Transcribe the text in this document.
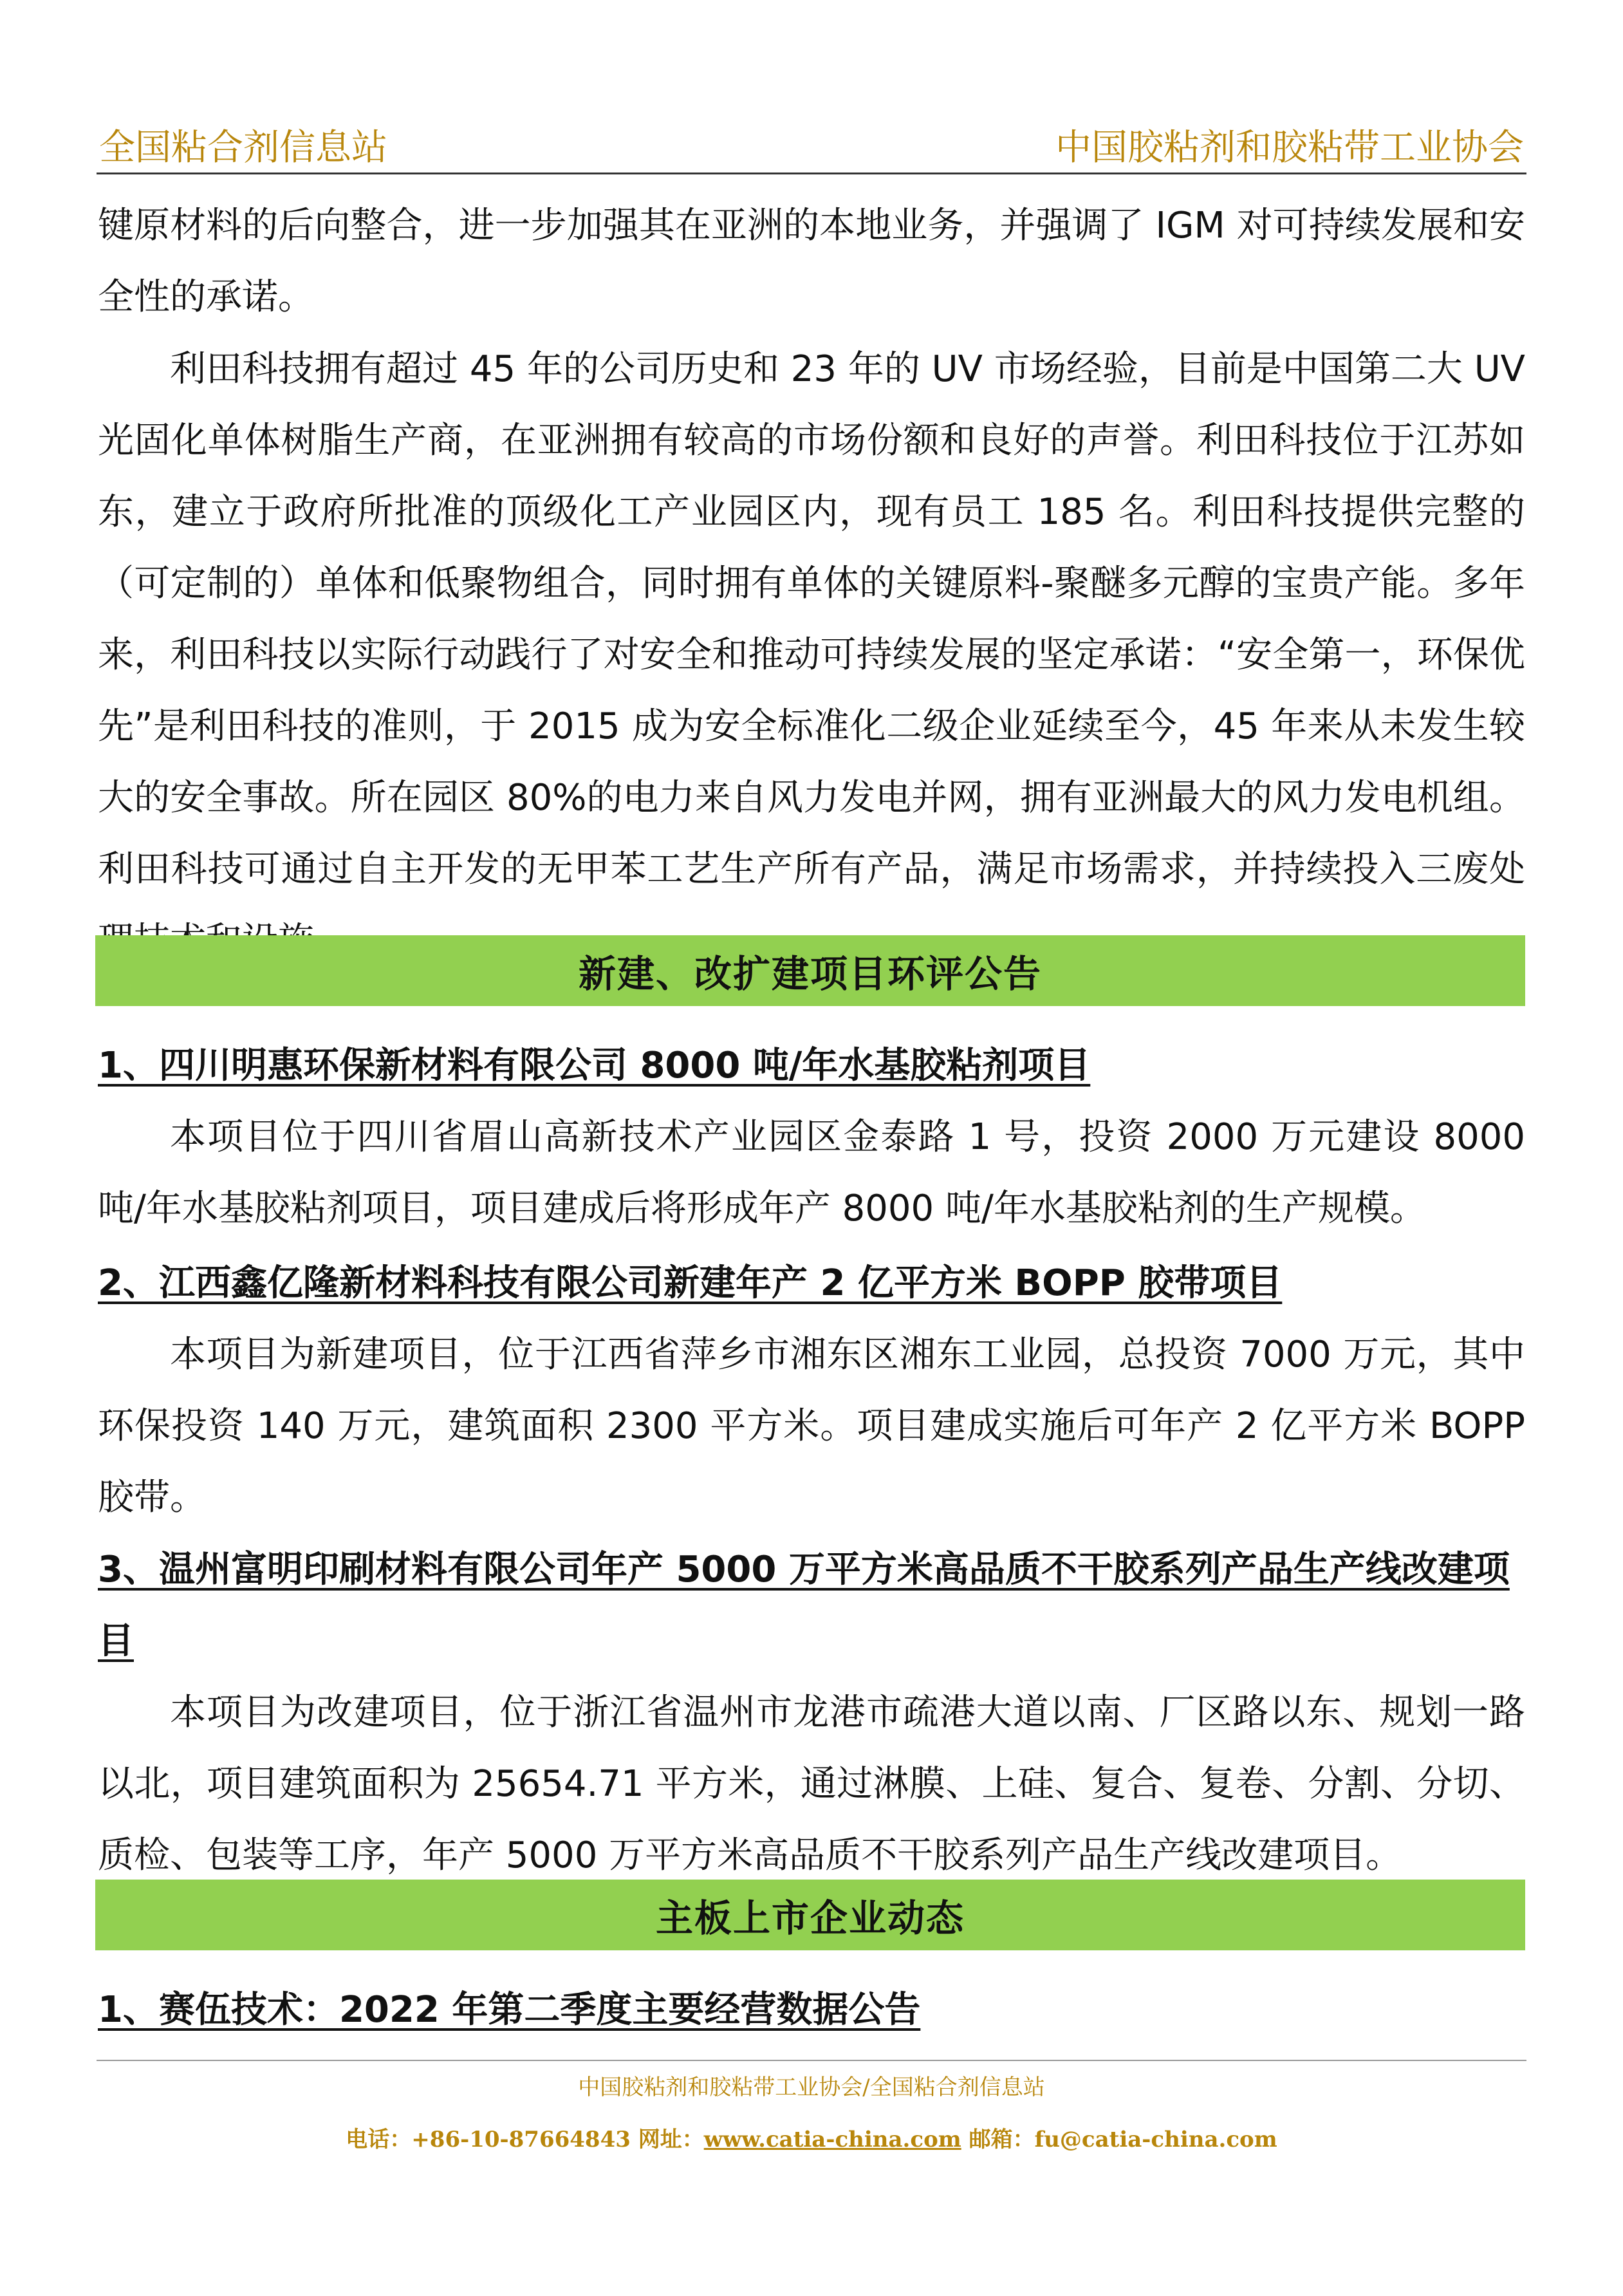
全国粘合剂信息站	中国胶粘剂和胶粘带工业协会

键原材料的后向整合，进一步加强其在亚洲的本地业务，并强调了 IGM 对可持续发展和安全性的承诺。

利田科技拥有超过 45 年的公司历史和 23 年的 UV 市场经验，目前是中国第二大 UV 光固化单体树脂生产商，在亚洲拥有较高的市场份额和良好的声誉。利田科技位于江苏如东，建立于政府所批准的顶级化工产业园区内，现有员工 185 名。利田科技提供完整的（可定制的）单体和低聚物组合，同时拥有单体的关键原料-聚醚多元醇的宝贵产能。多年来，利田科技以实际行动践行了对安全和推动可持续发展的坚定承诺：“安全第一，环保优先”是利田科技的准则，于 2015 成为安全标准化二级企业延续至今，45 年来从未发生较大的安全事故。所在园区 80%的电力来自风力发电并网，拥有亚洲最大的风力发电机组。利田科技可通过自主开发的无甲苯工艺生产所有产品，满足市场需求，并持续投入三废处

新建、改扩建项目环评公告

1、四川明惠环保新材料有限公司 8000 吨/年水基胶粘剂项目

本项目位于四川省眉山高新技术产业园区金泰路 1 号，投资 2000 万元建设 8000 吨/年水基胶粘剂项目，项目建成后将形成年产 8000 吨/年水基胶粘剂的生产规模。

2、江西鑫亿隆新材料科技有限公司新建年产 2 亿平方米 BOPP 胶带项目

本项目为新建项目，位于江西省萍乡市湘东区湘东工业园，总投资 7000 万元，其中环保投资 140 万元，建筑面积 2300 平方米。项目建成实施后可年产 2 亿平方米 BOPP 胶带。

3、温州富明印刷材料有限公司年产 5000 万平方米高品质不干胶系列产品生产线改建项目

本项目为改建项目，位于浙江省温州市龙港市疏港大道以南、厂区路以东、规划一路以北，项目建筑面积为 25654.71 平方米，通过淋膜、上硅、复合、复卷、分割、分切、质检、包装等工序，年产 5000 万平方米高品质不干胶系列产品生产线改建项目。

主板上市企业动态

1、赛伍技术：2022 年第二季度主要经营数据公告

中国胶粘剂和胶粘带工业协会/全国粘合剂信息站
电话：+86-10-87664843 网址：www.catia-china.com 邮箱：fu@catia-china.com
